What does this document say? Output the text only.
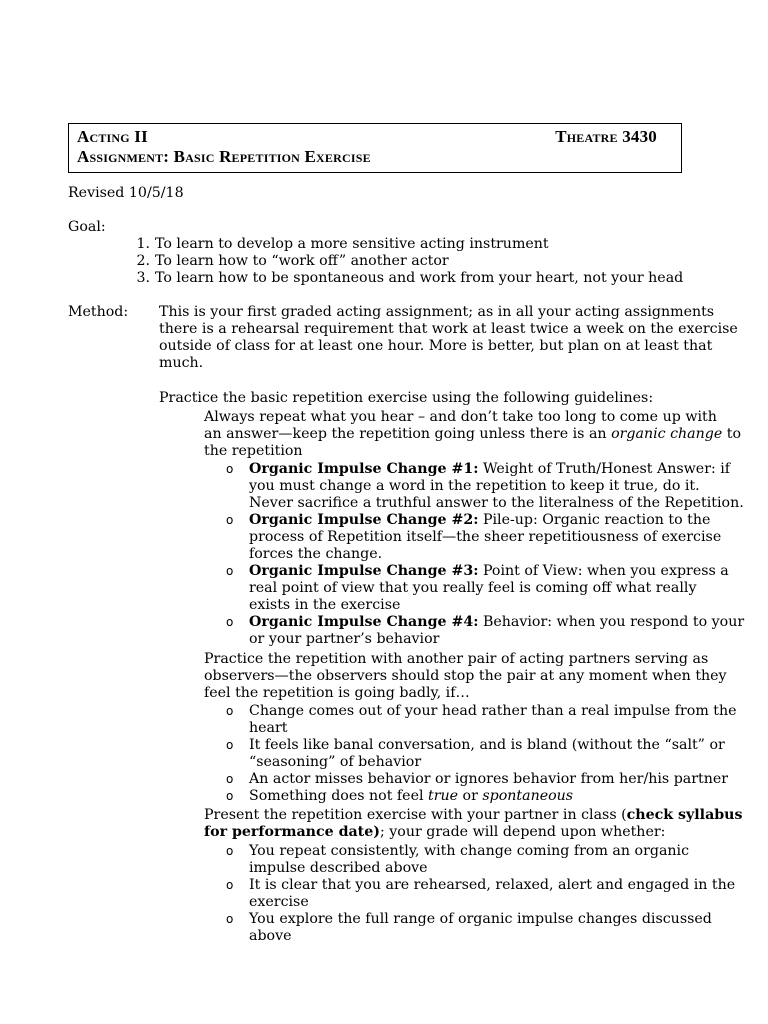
Acting II	Theatre 3430
Assignment: Basic Repetition Exercise
Revised 10/5/18
Goal:
1. To learn to develop a more sensitive acting instrument
2. To learn how to “work off” another actor
3. To learn how to be spontaneous and work from your heart, not your head
Method: This is your first graded acting assignment; as in all your acting assignments
there is a rehearsal requirement that work at least twice a week on the exercise
outside of class for at least one hour. More is better, but plan on at least that
much.
Practice the basic repetition exercise using the following guidelines:
Always repeat what you hear – and don’t take too long to come up with
an answer—keep the repetition going unless there is an organic change to
the repetition
o	Organic Impulse Change #1: Weight of Truth/Honest Answer: if
you must change a word in the repetition to keep it true, do it.
Never sacrifice a truthful answer to the literalness of the Repetition.
o	Organic Impulse Change #2: Pile-up: Organic reaction to the
process of Repetition itself—the sheer repetitiousness of exercise
forces the change.
o	Organic Impulse Change #3: Point of View: when you express a
real point of view that you really feel is coming off what really
exists in the exercise
o	Organic Impulse Change #4: Behavior: when you respond to your
or your partner’s behavior
Practice the repetition with another pair of acting partners serving as
observers—the observers should stop the pair at any moment when they
feel the repetition is going badly, if…
o	Change comes out of your head rather than a real impulse from the
heart
o	It feels like banal conversation, and is bland (without the “salt” or
“seasoning” of behavior
o	An actor misses behavior or ignores behavior from her/his partner
o	Something does not feel true or spontaneous
Present the repetition exercise with your partner in class (check syllabus
for performance date); your grade will depend upon whether:
o	You repeat consistently, with change coming from an organic
impulse described above
o	It is clear that you are rehearsed, relaxed, alert and engaged in the
exercise
o	You explore the full range of organic impulse changes discussed
above
